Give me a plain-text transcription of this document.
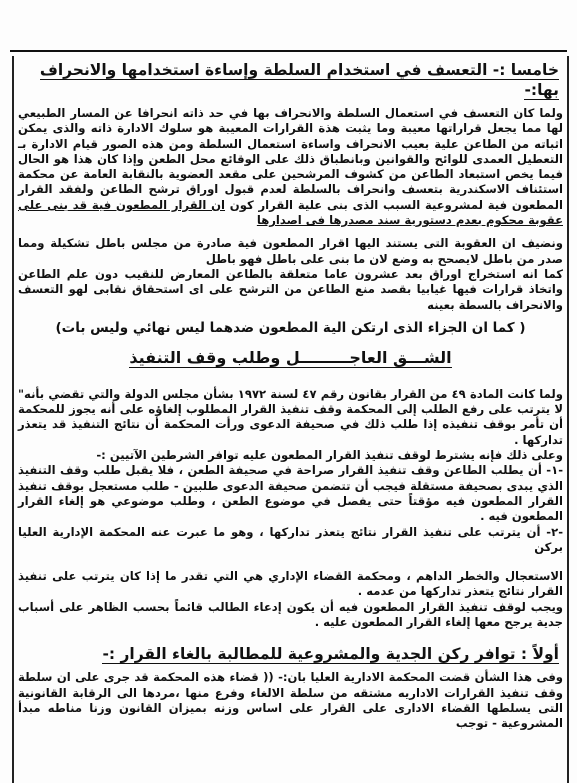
خامسا :- التعسف في استخدام السلطة وإساءة استخدامها والانحراف بها:-

ولما كان التعسف في استعمال السلطة والانحراف بها في حد ذاته انحرافا عن المسار الطبيعي لها مما يجعل قراراتها معيبة وما يثبت هذة القرارات المعيبة هو سلوك الادارة ذاته والذى يمكن اثباته من الطاعن علية بعيب الانحراف واساءة استعمال السلطة ومن هذه الصور قيام الادارة بـ التعطيل العمدى للوائح والقوانين وبانطباق ذلك على الوقائع محل الطعن وإذا كان هذا هو الحال فيما يخص استبعاد الطاعن من كشوف المرشحين على مقعد العضوية بالنقابة العامة عن محكمة استئناف الاسكندرية بتعسف وانحراف بالسلطة لعدم قبول اوراق ترشح الطاعن ولفقد القرار المطعون فية لمشروعية السبب الذى بنى علية القرار كون ان القرار المطعون فية قد بنى على عقوبة محكوم بعدم دستورية سند مصدرها فى اصدارها

ونضيف ان العقوبة التى يستند اليها اقرار المطعون فية صادرة من مجلس باطل تشكيلة ومما صدر من باطل لايصحح به وضع لان ما بنى على باطل فهو باطل

كما انه استخراج اوراق بعد عشرون عاما متعلقة بالطاعن المعارض للنقيب دون علم الطاعن واتخاذ قرارات فيها غيابيا بقصد منع الطاعن من الترشح على اى استحقاق نقابى لهو التعسف والانحراف بالسطة بعينه

( كما ان الجزاء الذى ارتكن الية المطعون ضدهما ليس نهائي وليس بات)
الشـــق العاجـــــــــل وطلب وقف التنفيذ

ولما كانت المادة ٤٩ من القرار بقانون رقم ٤٧ لسنة ١٩٧٢ بشأن مجلس الدولة والتي تقضي بأنه" لا يترتب على رفع الطلب إلى المحكمة وقف تنفيذ القرار المطلوب إلغاؤه على أنه يجوز للمحكمة أن تأمر بوقف تنفيذه إذا طلب ذلك في صحيفة الدعوى ورأت المحكمة أن نتائج التنفيذ قد يتعذر تداركها .

وعلى ذلك فإنه يشترط لوقف تنفيذ القرار المطعون عليه توافر الشرطين الآتيين :-

-١- أن يطلب الطاعن وقف تنفيذ القرار صراحة في صحيفة الطعن ، فلا يقبل طلب وقف التنفيذ الذي يبدى بصحيفة مستقلة فيجب أن تتضمن صحيفة الدعوى طلبين - طلب مستعجل بوقف تنفيذ القرار المطعون فيه مؤقتاً حتى يفصل في موضوع الطعن ، وطلب موضوعي هو إلغاء القرار المطعون فيه .

-٢- أن يترتب على تنفيذ القرار نتائج يتعذر تداركها ، وهو ما عبرت عنه المحكمة الإدارية العليا بركن

الاستعجال والخطر الداهم ، ومحكمة القضاء الإداري هي التي تقدر ما إذا كان يترتب على تنفيذ القرار نتائج يتعذر تداركها من عدمه .

ويجب لوقف تنفيذ القرار المطعون فيه أن يكون إدعاء الطالب قائماً بحسب الظاهر على أسباب جدية يرجح معها إلغاء القرار المطعون عليه .

أولاً : توافر ركن الجدية والمشروعية للمطالبة بالغاء القرار :-

وفى هذا الشأن قضت المحكمة الادارية العليا بان:- (( قضاء هذه المحكمة قد جرى على ان سلطة وقف تنفيذ القرارات الاداريه مشتقه من سلطة الالغاء وفرع منها ،مردها الى الرقابة القانونية التى يسلطها القضاء الادارى على القرار على اساس وزنه بميزان القانون وزنا مناطه مبدأ المشروعية - توجب
